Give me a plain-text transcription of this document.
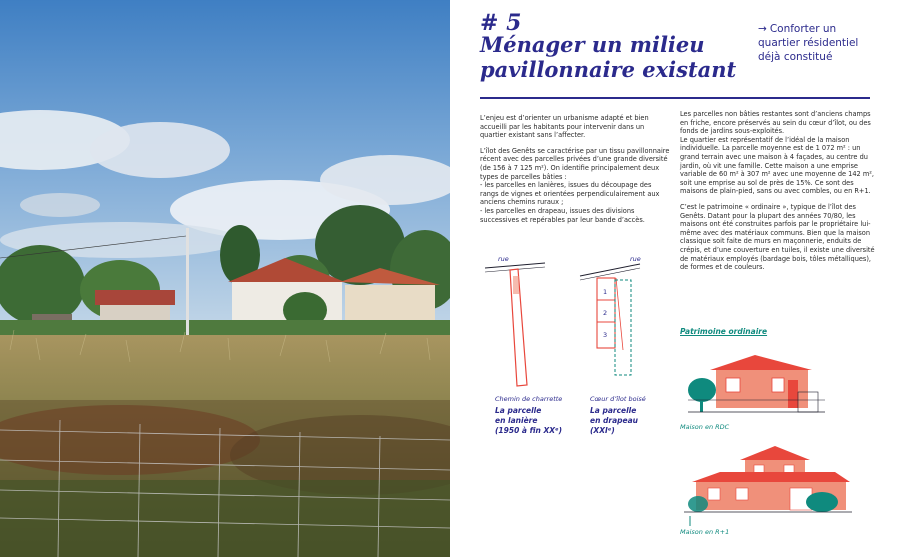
# 5
Ménager un milieu pavillonnaire existant
→ Conforter un quartier résidentiel déjà constitué

L’enjeu est d’orienter un urbanisme adapté et bien accueilli par les habitants pour intervenir dans un quartier existant sans l’affecter.

L’îlot des Genêts se caractérise par un tissu pavillonnaire récent avec des parcelles privées d’une grande diversité (de 156 à 7 125 m²). On identifie principalement deux types de parcelles bâties :
- les parcelles en lanières, issues du découpage des rangs de vignes et orientées perpendiculairement aux anciens chemins ruraux ;
- les parcelles en drapeau, issues des divisions successives et repérables par leur bande d’accès.

Les parcelles non bâties restantes sont d’anciens champs en friche, encore préservés au sein du cœur d’îlot, ou des fonds de jardins sous-exploités.
Le quartier est représentatif de l’idéal de la maison individuelle. La parcelle moyenne est de 1 072 m² : un grand terrain avec une maison à 4 façades, au centre du jardin, où vit une famille. Cette maison a une emprise variable de 60 m² à 307 m² avec une moyenne de 142 m², soit une emprise au sol de près de 15%. Ce sont des maisons de plain-pied, sans ou avec combles, ou en R+1.

C’est le patrimoine « ordinaire », typique de l’îlot des Genêts. Datant pour la plupart des années 70/80, les maisons ont été construites parfois par le propriétaire lui-même avec des matériaux communs. Bien que la maison classique soit faite de murs en maçonnerie, enduits de crépis, et d’une couverture en tuiles, il existe une diversité de matériaux employés (bardage bois, tôles métalliques), de formes et de couleurs.

rue	rue
1
2
3
Chemin de charrette
La parcelle
en lanière
(1950 à fin XXᵉ)
Cœur d’îlot boisé
La parcelle
en drapeau
(XXIᵉ)
Patrimoine ordinaire
Maison en RDC
Maison en R+1
